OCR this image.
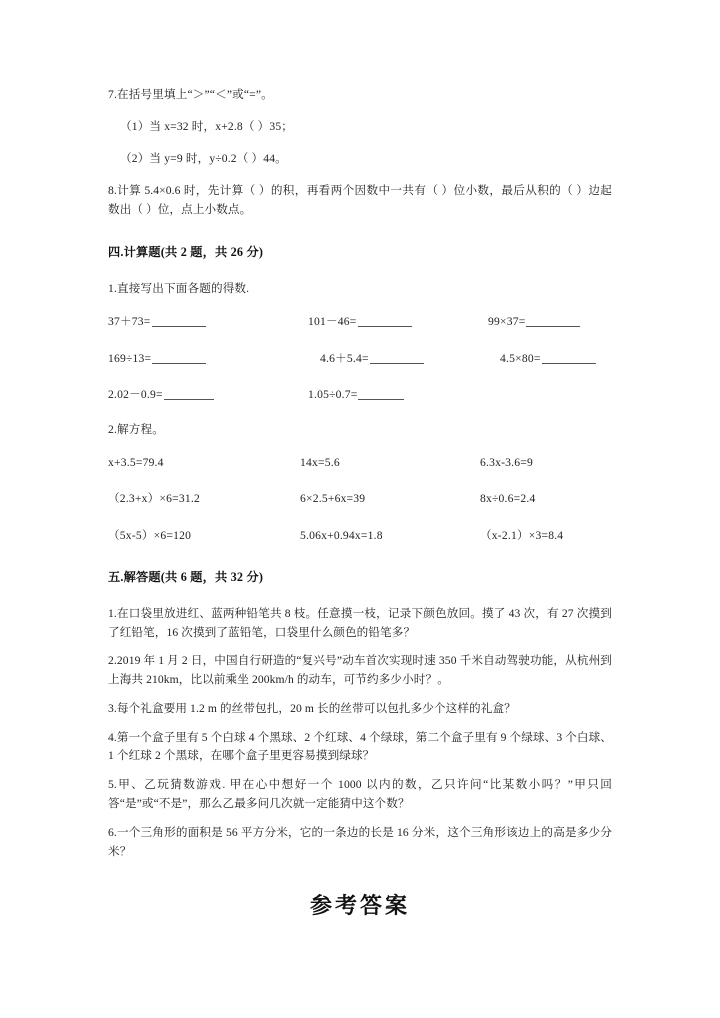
7.在括号里填上“＞”“＜”或“=”。

（1）当 x=32 时，x+2.8（ ）35；

（2）当 y=9 时，y÷0.2（ ）44。

8.计算 5.4×0.6 时，先计算（ ）的积，再看两个因数中一共有（ ）位小数，最后从积的（ ）边起数出（ ）位，点上小数点。

四.计算题(共 2 题，共 26 分)

1.直接写出下面各题的得数.

37＋73=	101－46=	99×37=
169÷13=	4.6＋5.4=	4.5×80=
2.02－0.9=	1.05÷0.7=

2.解方程。

x+3.5=79.4	14x=5.6	6.3x-3.6=9
（2.3+x）×6=31.2	6×2.5+6x=39	8x÷0.6=2.4
（5x-5）×6=120	5.06x+0.94x=1.8	（x-2.1）×3=8.4

五.解答题(共 6 题，共 32 分)

1.在口袋里放进红、蓝两种铅笔共 8 枝。任意摸一枝，记录下颜色放回。摸了 43 次，有 27 次摸到了红铅笔，16 次摸到了蓝铅笔，口袋里什么颜色的铅笔多？

2.2019 年 1 月 2 日，中国自行研造的“复兴号”动车首次实现时速 350 千米自动驾驶功能，从杭州到上海共 210km，比以前乘坐 200km/h 的动车，可节约多少小时？。

3.每个礼盒要用 1.2 m 的丝带包扎，20 m 长的丝带可以包扎多少个这样的礼盒？

4.第一个盒子里有 5 个白球 4 个黑球、2 个红球、4 个绿球，第二个盒子里有 9 个绿球、3 个白球、1 个红球 2 个黑球，在哪个盒子里更容易摸到绿球？

5.甲、乙玩猜数游戏. 甲在心中想好一个 1000 以内的数，乙只许问“比某数小吗？”甲只回答“是”或“不是”，那么乙最多问几次就一定能猜中这个数？

6.一个三角形的面积是 56 平方分米，它的一条边的长是 16 分米，这个三角形该边上的高是多少分米？

参考答案
